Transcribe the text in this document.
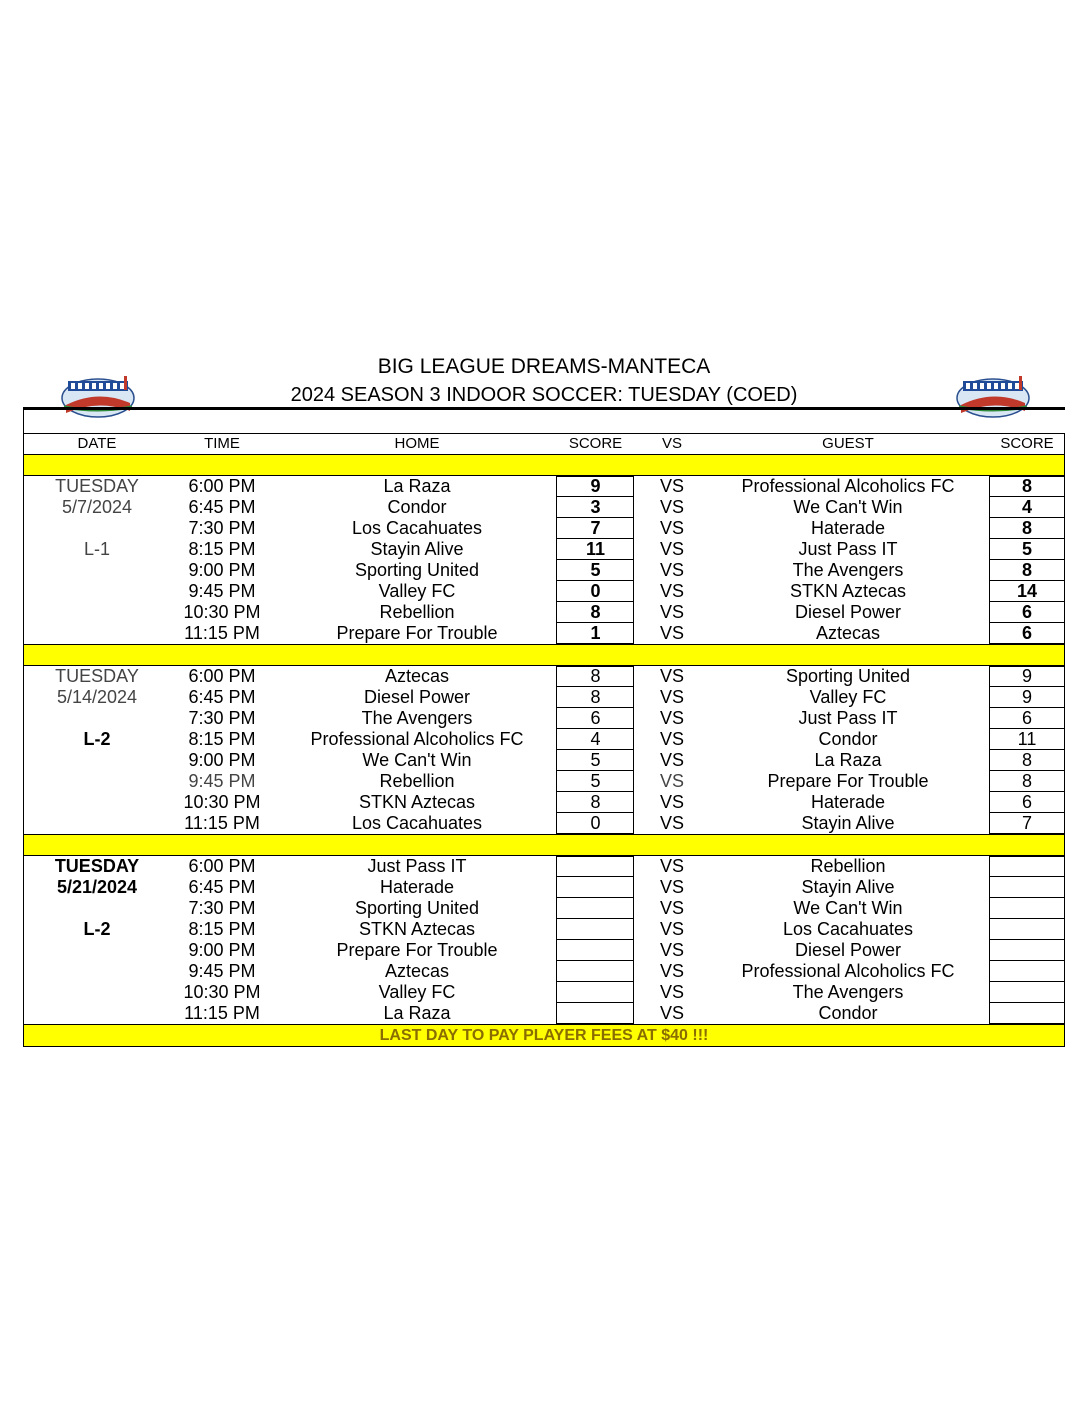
BIG LEAGUE DREAMS-MANTECA
2024 SEASON 3 INDOOR SOCCER: TUESDAY (COED)
DATE	TIME	HOME	SCORE	VS	GUEST	SCORE
TUESDAY	6:00 PM	La Raza	9	VS	Professional Alcoholics FC	8
5/7/2024	6:45 PM	Condor	3	VS	We Can't Win	4
7:30 PM	Los Cacahuates	7	VS	Haterade	8
L-1	8:15 PM	Stayin Alive	11	VS	Just Pass IT	5
9:00 PM	Sporting United	5	VS	The Avengers	8
9:45 PM	Valley FC	0	VS	STKN Aztecas	14
10:30 PM	Rebellion	8	VS	Diesel Power	6
11:15 PM	Prepare For Trouble	1	VS	Aztecas	6
TUESDAY	6:00 PM	Aztecas	8	VS	Sporting United	9
5/14/2024	6:45 PM	Diesel Power	8	VS	Valley FC	9
7:30 PM	The Avengers	6	VS	Just Pass IT	6
L-2	8:15 PM	Professional Alcoholics FC	4	VS	Condor	11
9:00 PM	We Can't Win	5	VS	La Raza	8
9:45 PM	Rebellion	5	VS	Prepare For Trouble	8
10:30 PM	STKN Aztecas	8	VS	Haterade	6
11:15 PM	Los Cacahuates	0	VS	Stayin Alive	7
TUESDAY	6:00 PM	Just Pass IT	VS	Rebellion
5/21/2024	6:45 PM	Haterade	VS	Stayin Alive
7:30 PM	Sporting United	VS	We Can't Win
L-2	8:15 PM	STKN Aztecas	VS	Los Cacahuates
9:00 PM	Prepare For Trouble	VS	Diesel Power
9:45 PM	Aztecas	VS	Professional Alcoholics FC
10:30 PM	Valley FC	VS	The Avengers
11:15 PM	La Raza	VS	Condor
LAST DAY TO PAY PLAYER FEES AT $40 !!!
